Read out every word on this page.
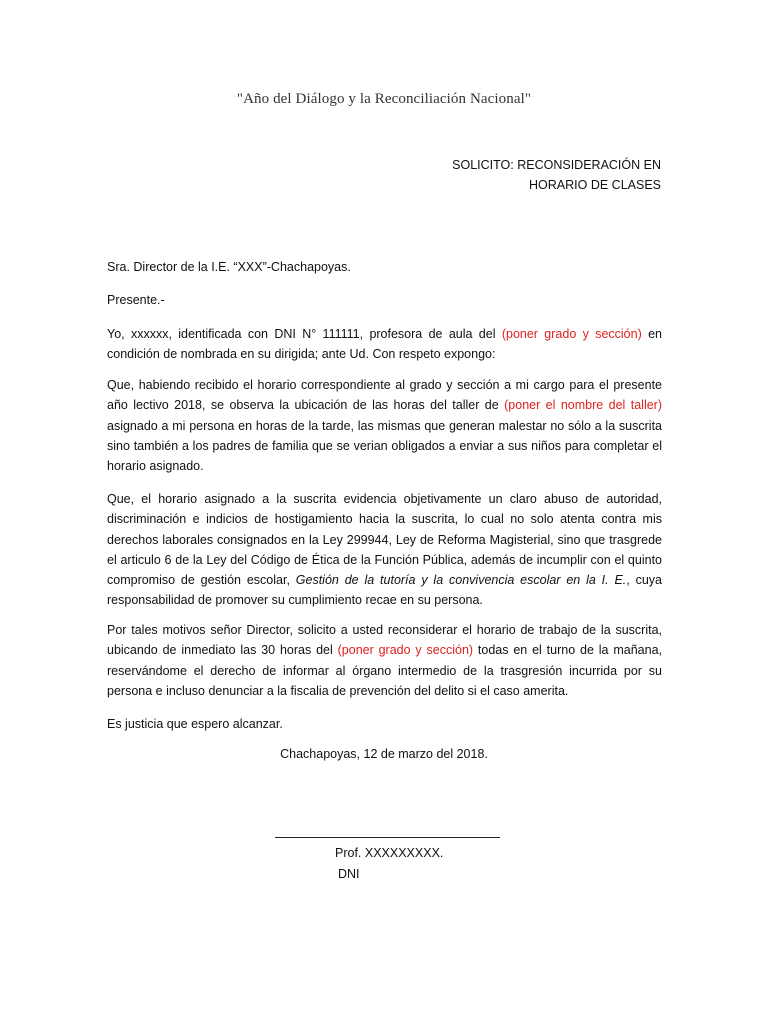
"Año del Diálogo y la Reconciliación Nacional"
SOLICITO: RECONSIDERACIÓN EN

HORARIO DE CLASES
Sra. Director de la I.E. “XXX”-Chachapoyas.
Presente.-

Yo, xxxxxx, identificada con DNI N° 111111, profesora de aula del (poner grado y sección) en condición de nombrada en su dirigida; ante Ud. Con respeto expongo:

Que, habiendo recibido el horario correspondiente al grado y sección a mi cargo para el presente año lectivo 2018, se observa la ubicación de las horas del taller de (poner el nombre del taller) asignado a mi persona en horas de la tarde, las mismas que generan malestar no sólo a la suscrita sino también a los padres de familia que se verian obligados a enviar a sus niños para completar el horario asignado.

Que, el horario asignado a la suscrita evidencia objetivamente un claro abuso de autoridad, discriminación e indicios de hostigamiento hacia la suscrita, lo cual no solo atenta contra mis derechos laborales consignados en la Ley 299944, Ley de Reforma Magisterial, sino que trasgrede el articulo 6 de la Ley del Código de Ética de la Función Pública, además de incumplir con el quinto compromiso de gestión escolar, Gestión de la tutoría y la convivencia escolar en la I. E., cuya responsabilidad de promover su cumplimiento recae en su persona.

Por tales motivos señor Director, solicito a usted reconsiderar el horario de trabajo de la suscrita, ubicando de inmediato las 30 horas del (poner grado y sección) todas en el turno de la mañana, reservándome el derecho de informar al órgano intermedio de la trasgresión incurrida por su persona e incluso denunciar a la fiscalia de prevención del delito si el caso amerita.

Es justicia que espero alcanzar.
Chachapoyas, 12 de marzo del 2018.
Prof. XXXXXXXXX.
DNI
